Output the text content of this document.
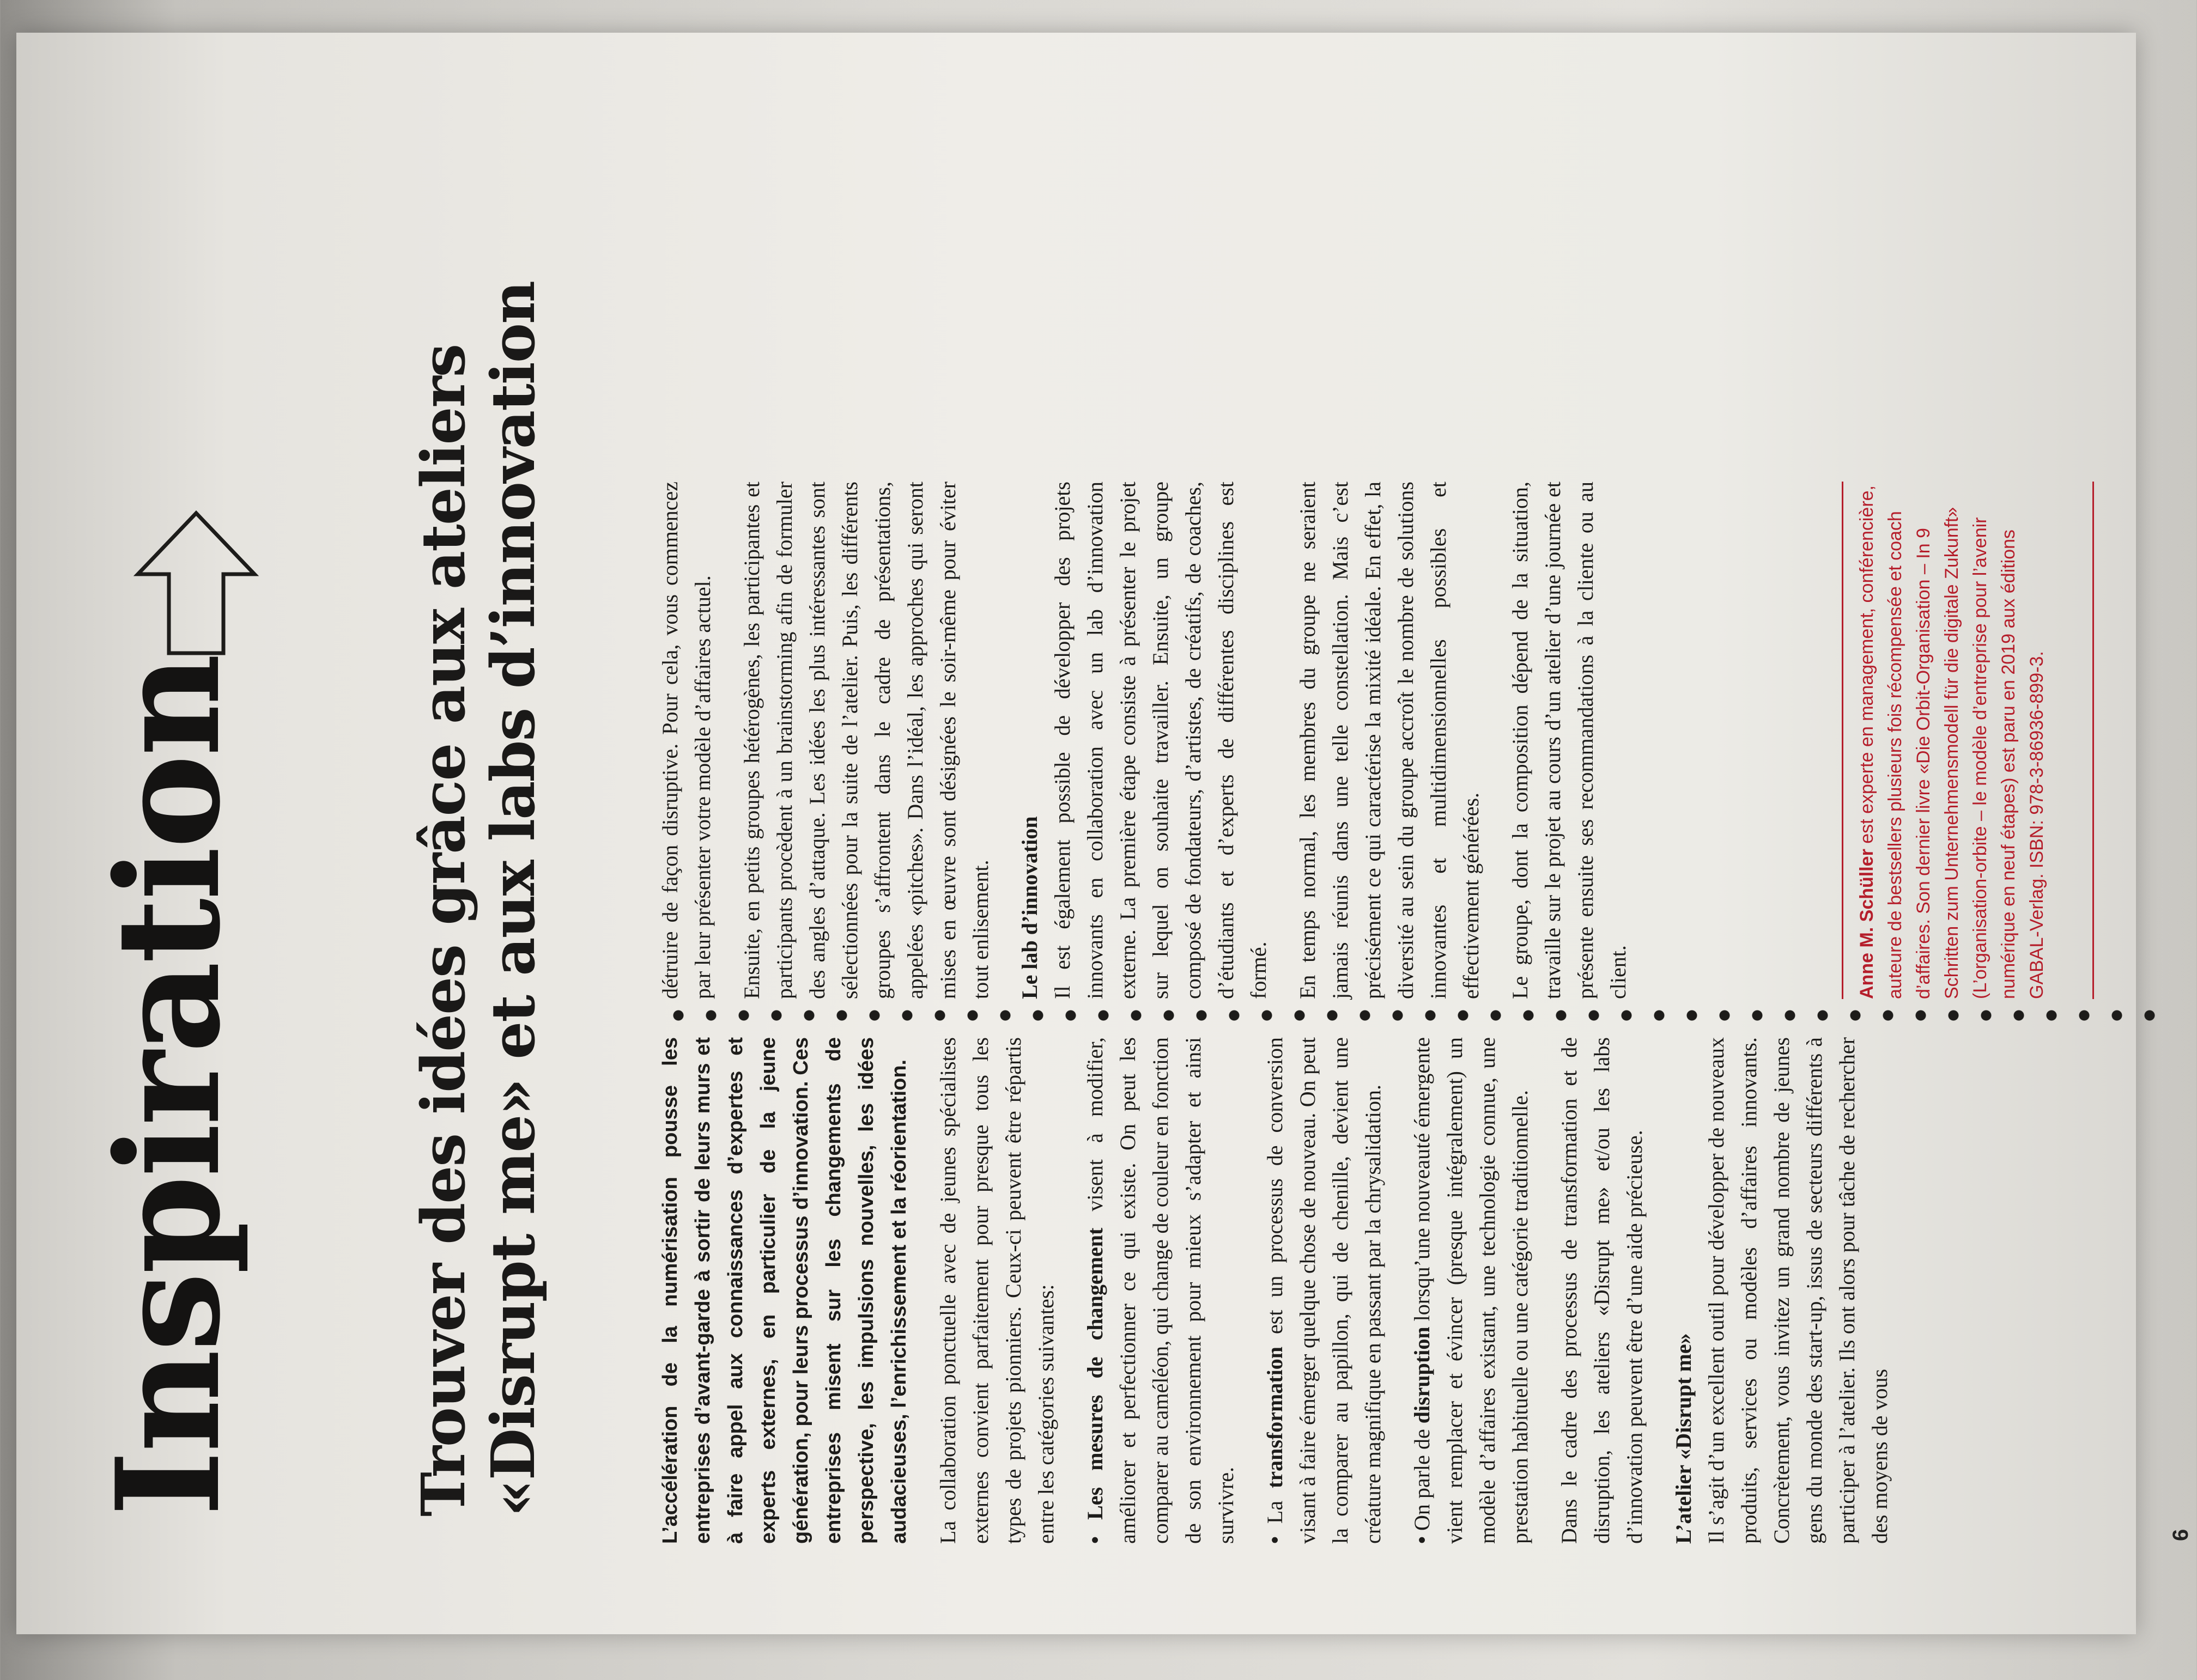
Inspiration	Trouver des idées grâce aux ateliers «Disrupt me» et aux labs d’innovation	L’accélération de la numérisation pousse les entreprises d’avant-garde à sortir de leurs murs et à faire appel aux connaissances d’expertes et experts externes, en particulier de la jeune génération, pour leurs processus d’innovation. Ces entreprises misent sur les changements de perspective, les impulsions nouvelles, les idées audacieuses, l’enrichissement et la réorientation. La collaboration ponctuelle avec de jeunes spécialistes externes convient parfaitement pour presque tous les types de projets pionniers. Ceux-ci peuvent être répartis entre les catégories suivantes: • Les mesures de changement visent à modifier, améliorer et perfectionner ce qui existe. On peut les comparer au caméléon, qui change de couleur en fonction de son environnement pour mieux s’adapter et ainsi survivre. • La transformation est un processus de conversion visant à faire émerger quelque chose de nouveau. On peut la comparer au papillon, qui de chenille, devient une créature magnifique en passant par la chrysalidation. • On parle de disruption lorsqu’une nouveauté émergente vient remplacer et évincer (presque intégralement) un modèle d’affaires existant, une technologie connue, une prestation habituelle ou une catégorie traditionnelle. Dans le cadre des processus de transformation et de disruption, les ateliers «Disrupt me» et/ou les labs d’innovation peuvent être d’une aide précieuse. L’atelier «Disrupt me» Il s’agit d’un excellent outil pour développer de nouveaux produits, services ou modèles d’affaires innovants. Concrètement, vous invitez un grand nombre de jeunes gens du monde des start-up, issus de secteurs différents à participer à l’atelier. Ils ont alors pour tâche de rechercher des moyens de vous

détruire de façon disruptive. Pour cela, vous commencez par leur présenter votre modèle d’affaires actuel. Ensuite, en petits groupes hétérogènes, les participantes et participants procèdent à un brainstorming afin de formuler des angles d’attaque. Les idées les plus intéressantes sont sélectionnées pour la suite de l’atelier. Puis, les différents groupes s’affrontent dans le cadre de présentations, appelées «pitches». Dans l’idéal, les approches qui seront mises en œuvre sont désignées le soir-même pour éviter tout enlisement. Le lab d’innovation Il est également possible de développer des projets innovants en collaboration avec un lab d’innovation externe. La première étape consiste à présenter le projet sur lequel on souhaite travailler. Ensuite, un groupe composé de fondateurs, d’artistes, de créatifs, de coaches, d’étudiants et d’experts de différentes disciplines est formé. En temps normal, les membres du groupe ne seraient jamais réunis dans une telle constellation. Mais c’est précisément ce qui caractérise la mixité idéale. En effet, la diversité au sein du groupe accroît le nombre de solutions innovantes et multidimensionnelles possibles et effectivement générées. Le groupe, dont la composition dépend de la situation, travaille sur le projet au cours d’un atelier d’une journée et présente ensuite ses recommandations à la cliente ou au client.	Anne M. Schüller est experte en management, conférencière, auteure de bestsellers plusieurs fois récompensée et coach d’affaires. Son dernier livre «Die Orbit-Organisation – In 9 Schritten zum Unternehmensmodell für die digitale Zukunft» (L’organisation-orbite – le modèle d’entreprise pour l’avenir numérique en neuf étapes) est paru en 2019 aux éditions GABAL-Verlag. ISBN: 978-3-86936-899-3.
6
